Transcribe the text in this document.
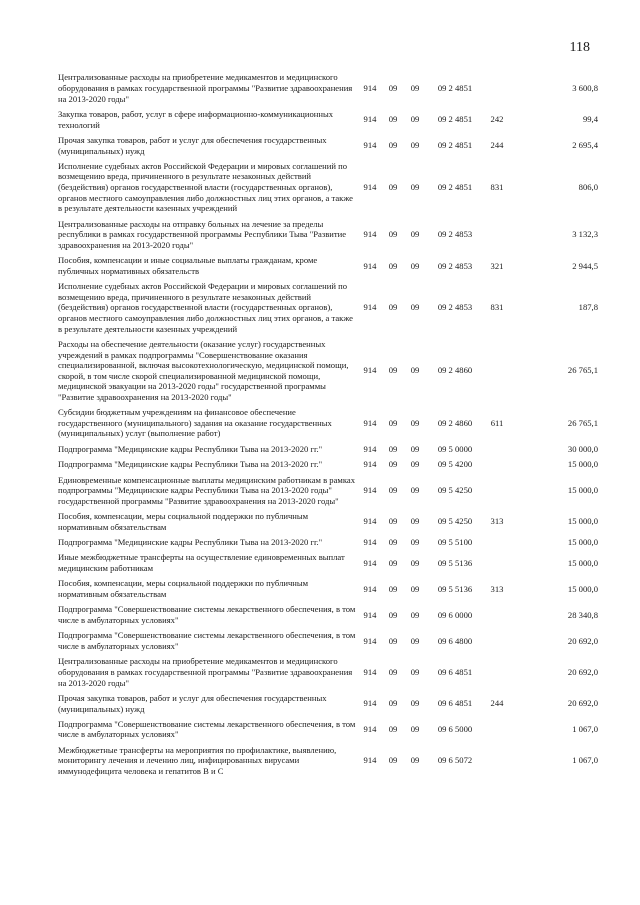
118
Централизованные расходы на приобретение медикаментов и медицинского оборудования в рамках государственной программы "Развитие здравоохранения на 2013-2020 годы"	914	09	09	09 2 4851		3 600,8
Закупка товаров, работ, услуг в сфере информационно-коммуникационных технологий	914	09	09	09 2 4851	242	99,4
Прочая закупка товаров, работ и услуг для обеспечения государственных (муниципальных) нужд	914	09	09	09 2 4851	244	2 695,4
Исполнение судебных актов Российской Федерации и мировых соглашений по возмещению вреда, причиненного в результате незаконных действий (бездействия) органов государственной власти (государственных органов), органов местного самоуправления либо должностных лиц этих органов, а также в результате деятельности казенных учреждений	914	09	09	09 2 4851	831	806,0
Централизованные расходы на отправку больных на лечение за пределы республики в рамках государственной программы Республики Тыва "Развитие здравоохранения на 2013-2020 годы"	914	09	09	09 2 4853		3 132,3
Пособия, компенсации и иные социальные выплаты гражданам, кроме публичных нормативных обязательств	914	09	09	09 2 4853	321	2 944,5
Исполнение судебных актов Российской Федерации и мировых соглашений по возмещению вреда, причиненного в результате незаконных действий (бездействия) органов государственной власти (государственных органов), органов местного самоуправления либо должностных лиц этих органов, а также в результате деятельности казенных учреждений	914	09	09	09 2 4853	831	187,8
Расходы на обеспечение деятельности (оказание услуг) государственных учреждений в рамках подпрограммы "Совершенствование оказания специализированной, включая высокотехнологическую, медицинской помощи, скорой, в том числе скорой специализированной медицинской помощи, медицинской эвакуации на 2013-2020 годы" государственной программы "Развитие здравоохранения на 2013-2020 годы"	914	09	09	09 2 4860		26 765,1
Субсидии бюджетным учреждениям на финансовое обеспечение государственного (муниципального) задания на оказание государственных (муниципальных) услуг (выполнение работ)	914	09	09	09 2 4860	611	26 765,1
Подпрограмма "Медицинские кадры Республики Тыва на 2013-2020 гг."	914	09	09	09 5 0000		30 000,0
Подпрограмма "Медицинские кадры Республики Тыва на 2013-2020 гг."	914	09	09	09 5 4200		15 000,0
Единовременные компенсационные выплаты медицинским работникам в рамках подпрограммы "Медицинские кадры Республики Тыва на 2013-2020 годы" государственной программы "Развитие здравоохранения на 2013-2020 годы"	914	09	09	09 5 4250		15 000,0
Пособия, компенсации, меры социальной поддержки по публичным нормативным обязательствам	914	09	09	09 5 4250	313	15 000,0
Подпрограмма "Медицинские кадры Республики Тыва на 2013-2020 гг."	914	09	09	09 5 5100		15 000,0
Иные межбюджетные трансферты на осуществление единовременных выплат медицинским работникам	914	09	09	09 5 5136		15 000,0
Пособия, компенсации, меры социальной поддержки по публичным нормативным обязательствам	914	09	09	09 5 5136	313	15 000,0
Подпрограмма "Совершенствование системы лекарственного обеспечения, в том числе в амбулаторных условиях"	914	09	09	09 6 0000		28 340,8
Подпрограмма "Совершенствование системы лекарственного обеспечения, в том числе в амбулаторных условиях"	914	09	09	09 6 4800		20 692,0
Централизованные расходы на приобретение медикаментов и медицинского оборудования в рамках государственной программы "Развитие здравоохранения на 2013-2020 годы"	914	09	09	09 6 4851		20 692,0
Прочая закупка товаров, работ и услуг для обеспечения государственных (муниципальных) нужд	914	09	09	09 6 4851	244	20 692,0
Подпрограмма "Совершенствование системы лекарственного обеспечения, в том числе в амбулаторных условиях"	914	09	09	09 6 5000		1 067,0
Межбюджетные трансферты на мероприятия по профилактике, выявлению, мониторингу лечения и лечению лиц, инфицированных вирусами иммунодефицита человека и гепатитов В и С	914	09	09	09 6 5072		1 067,0
